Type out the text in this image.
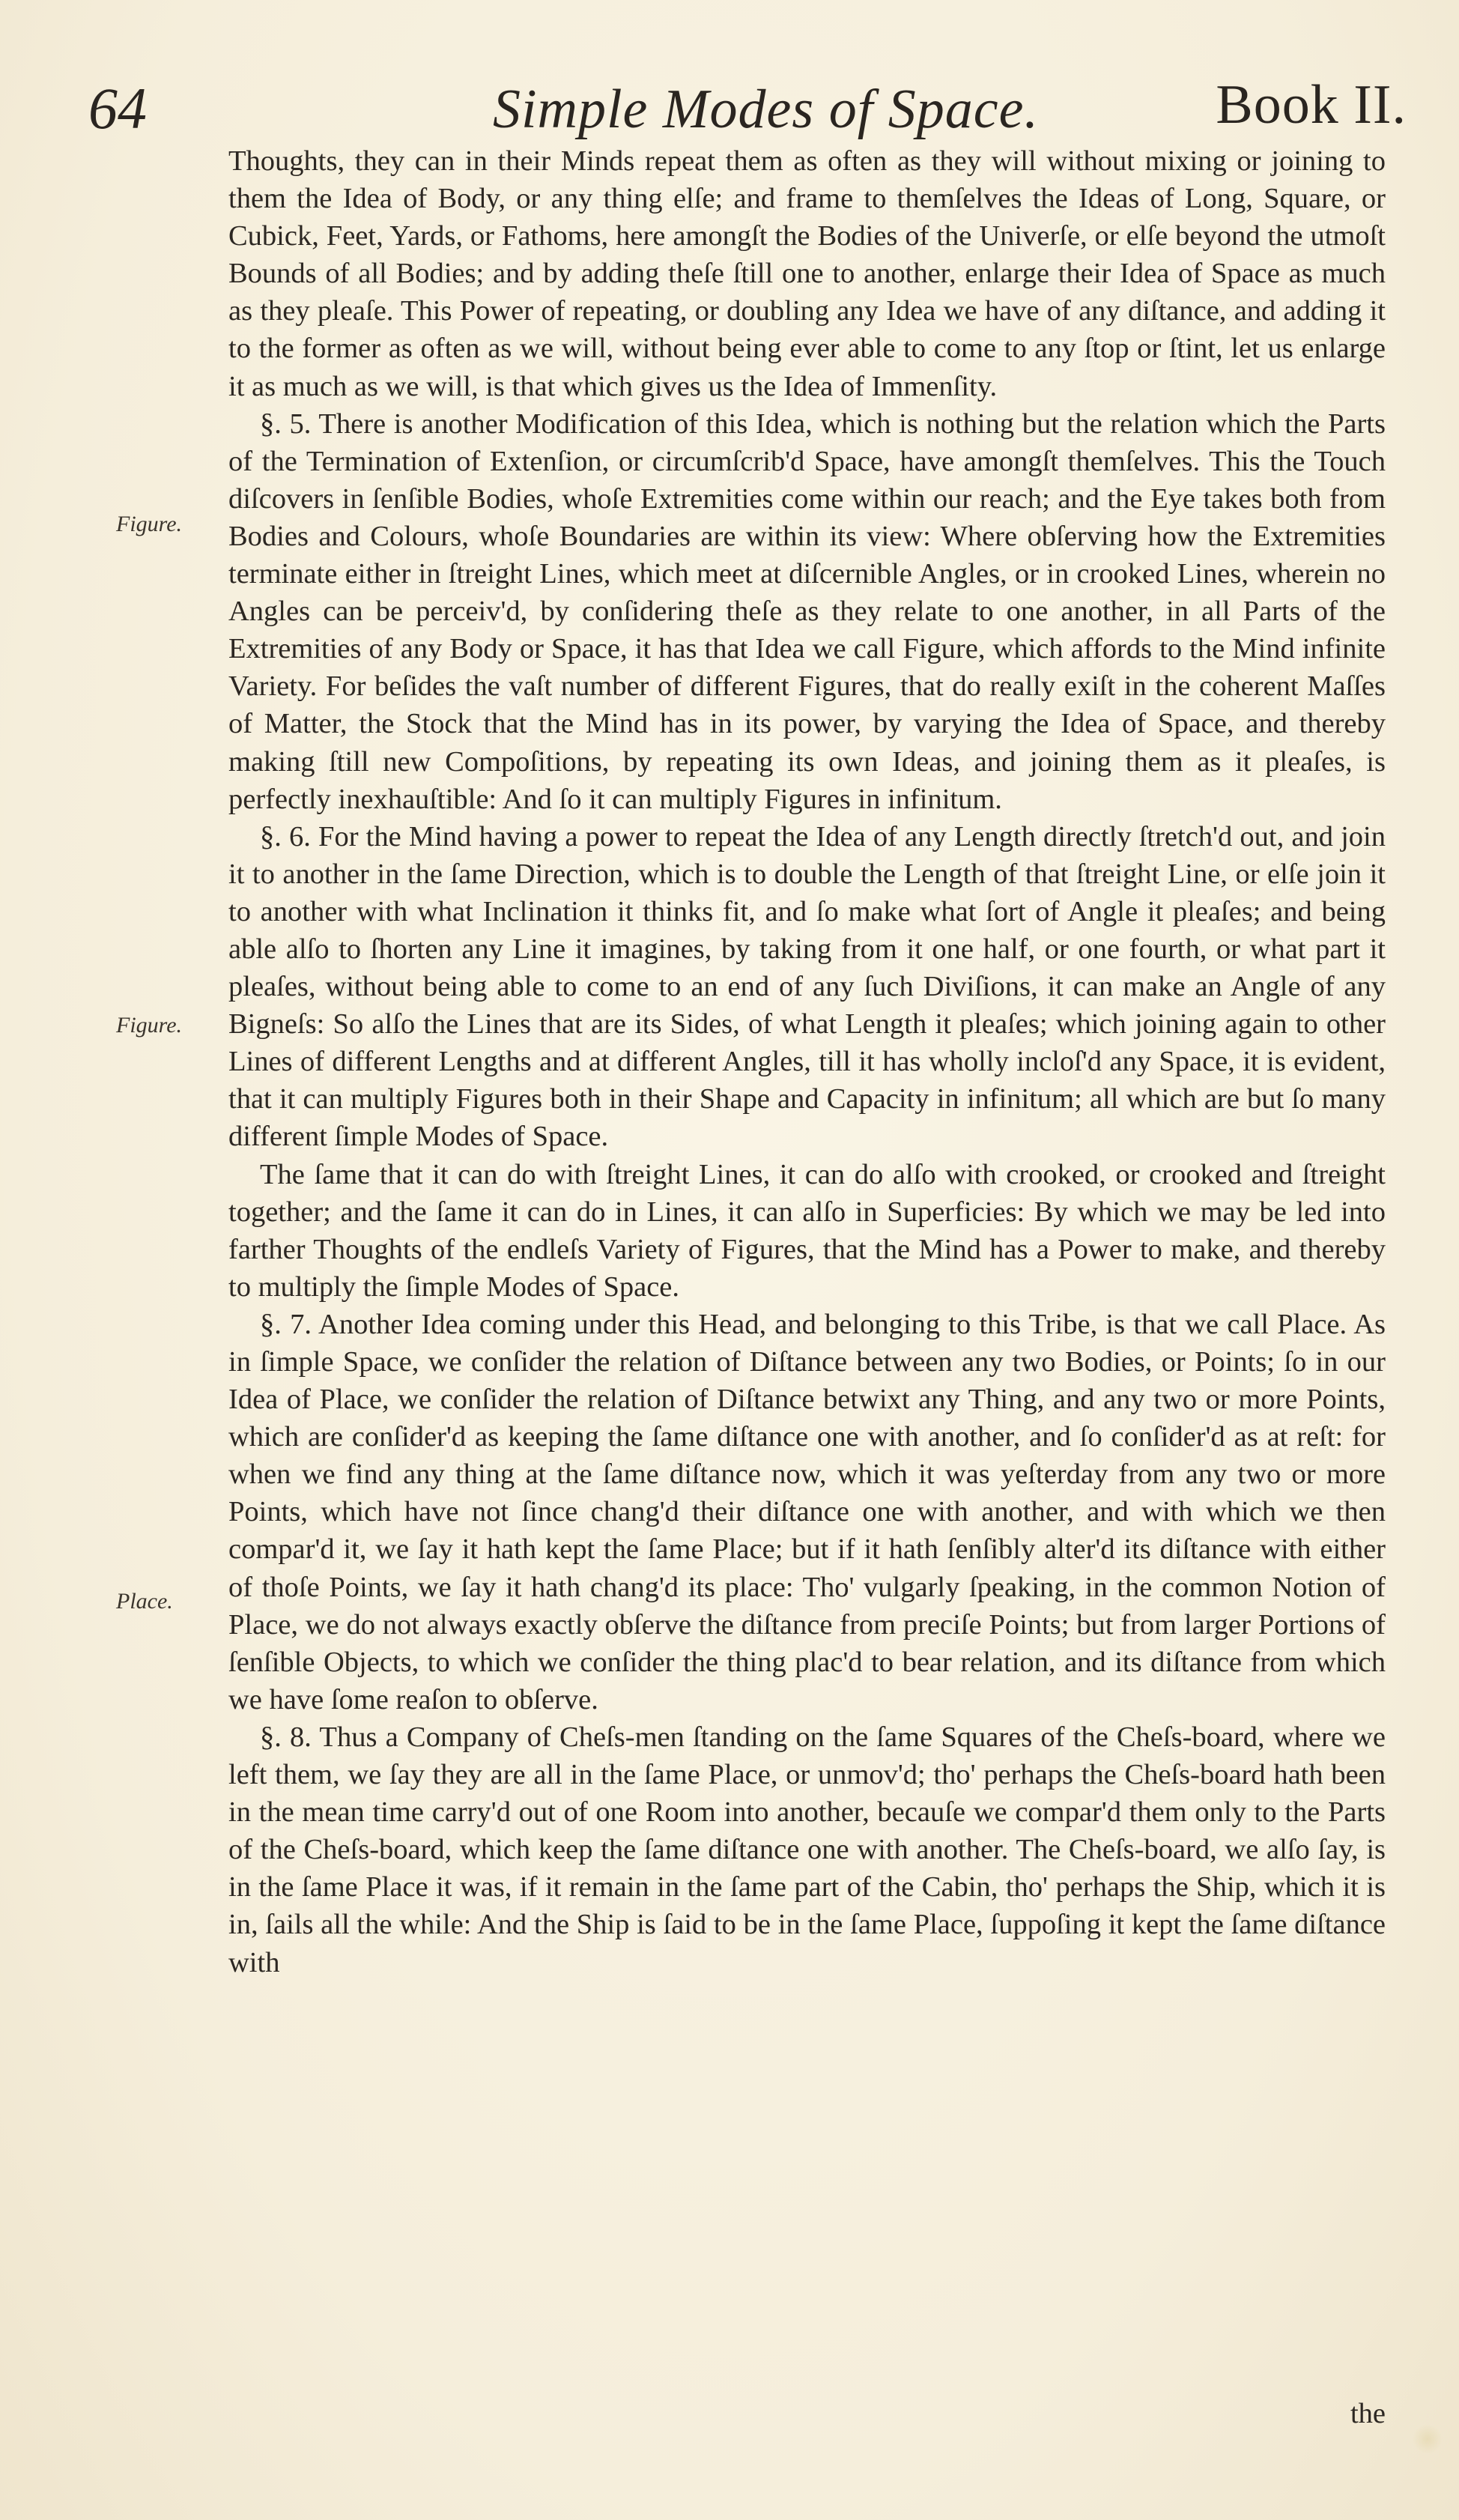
64	Simple Modes of Space.	Book II.
Figure.
Figure.
Place.

Thoughts, they can in their Minds repeat them as often as they will without mixing or joining to them the Idea of Body, or any thing elſe; and frame to themſelves the Ideas of Long, Square, or Cubick, Feet, Yards, or Fathoms, here amongſt the Bodies of the Univerſe, or elſe beyond the utmoſt Bounds of all Bodies; and by adding theſe ſtill one to another, enlarge their Idea of Space as much as they pleaſe. This Power of repeating, or doubling any Idea we have of any diſtance, and adding it to the former as often as we will, without being ever able to come to any ſtop or ſtint, let us enlarge it as much as we will, is that which gives us the Idea of Immenſity.

§. 5. There is another Modification of this Idea, which is nothing but the relation which the Parts of the Termination of Extenſion, or circumſcrib'd Space, have amongſt themſelves. This the Touch diſcovers in ſenſible Bodies, whoſe Extremities come within our reach; and the Eye takes both from Bodies and Colours, whoſe Boundaries are within its view: Where obſerving how the Extremities terminate either in ſtreight Lines, which meet at diſcernible Angles, or in crooked Lines, wherein no Angles can be perceiv'd, by conſidering theſe as they relate to one another, in all Parts of the Extremities of any Body or Space, it has that Idea we call Figure, which affords to the Mind infinite Variety. For beſides the vaſt number of different Figures, that do really exiſt in the coherent Maſſes of Matter, the Stock that the Mind has in its power, by varying the Idea of Space, and thereby making ſtill new Compoſitions, by repeating its own Ideas, and joining them as it pleaſes, is perfectly inexhauſtible: And ſo it can multiply Figures in infinitum.

§. 6. For the Mind having a power to repeat the Idea of any Length directly ſtretch'd out, and join it to another in the ſame Direction, which is to double the Length of that ſtreight Line, or elſe join it to another with what Inclination it thinks fit, and ſo make what ſort of Angle it pleaſes; and being able alſo to ſhorten any Line it imagines, by taking from it one half, or one fourth, or what part it pleaſes, without being able to come to an end of any ſuch Diviſions, it can make an Angle of any Bigneſs: So alſo the Lines that are its Sides, of what Length it pleaſes; which joining again to other Lines of different Lengths and at different Angles, till it has wholly incloſ'd any Space, it is evident, that it can multiply Figures both in their Shape and Capacity in infinitum; all which are but ſo many different ſimple Modes of Space.

The ſame that it can do with ſtreight Lines, it can do alſo with crooked, or crooked and ſtreight together; and the ſame it can do in Lines, it can alſo in Superficies: By which we may be led into farther Thoughts of the endleſs Variety of Figures, that the Mind has a Power to make, and thereby to multiply the ſimple Modes of Space.

§. 7. Another Idea coming under this Head, and belonging to this Tribe, is that we call Place. As in ſimple Space, we conſider the relation of Diſtance between any two Bodies, or Points; ſo in our Idea of Place, we conſider the relation of Diſtance betwixt any Thing, and any two or more Points, which are conſider'd as keeping the ſame diſtance one with another, and ſo conſider'd as at reſt: for when we find any thing at the ſame diſtance now, which it was yeſterday from any two or more Points, which have not ſince chang'd their diſtance one with another, and with which we then compar'd it, we ſay it hath kept the ſame Place; but if it hath ſenſibly alter'd its diſtance with either of thoſe Points, we ſay it hath chang'd its place: Tho' vulgarly ſpeaking, in the common Notion of Place, we do not always exactly obſerve the diſtance from preciſe Points; but from larger Portions of ſenſible Objects, to which we conſider the thing plac'd to bear relation, and its diſtance from which we have ſome reaſon to obſerve.

§. 8. Thus a Company of Cheſs-men ſtanding on the ſame Squares of the Cheſs-board, where we left them, we ſay they are all in the ſame Place, or unmov'd; tho' perhaps the Cheſs-board hath been in the mean time carry'd out of one Room into another, becauſe we compar'd them only to the Parts of the Cheſs-board, which keep the ſame diſtance one with another. The Cheſs-board, we alſo ſay, is in the ſame Place it was, if it remain in the ſame part of the Cabin, tho' perhaps the Ship, which it is in, ſails all the while: And the Ship is ſaid to be in the ſame Place, ſuppoſing it kept the ſame diſtance with

the
